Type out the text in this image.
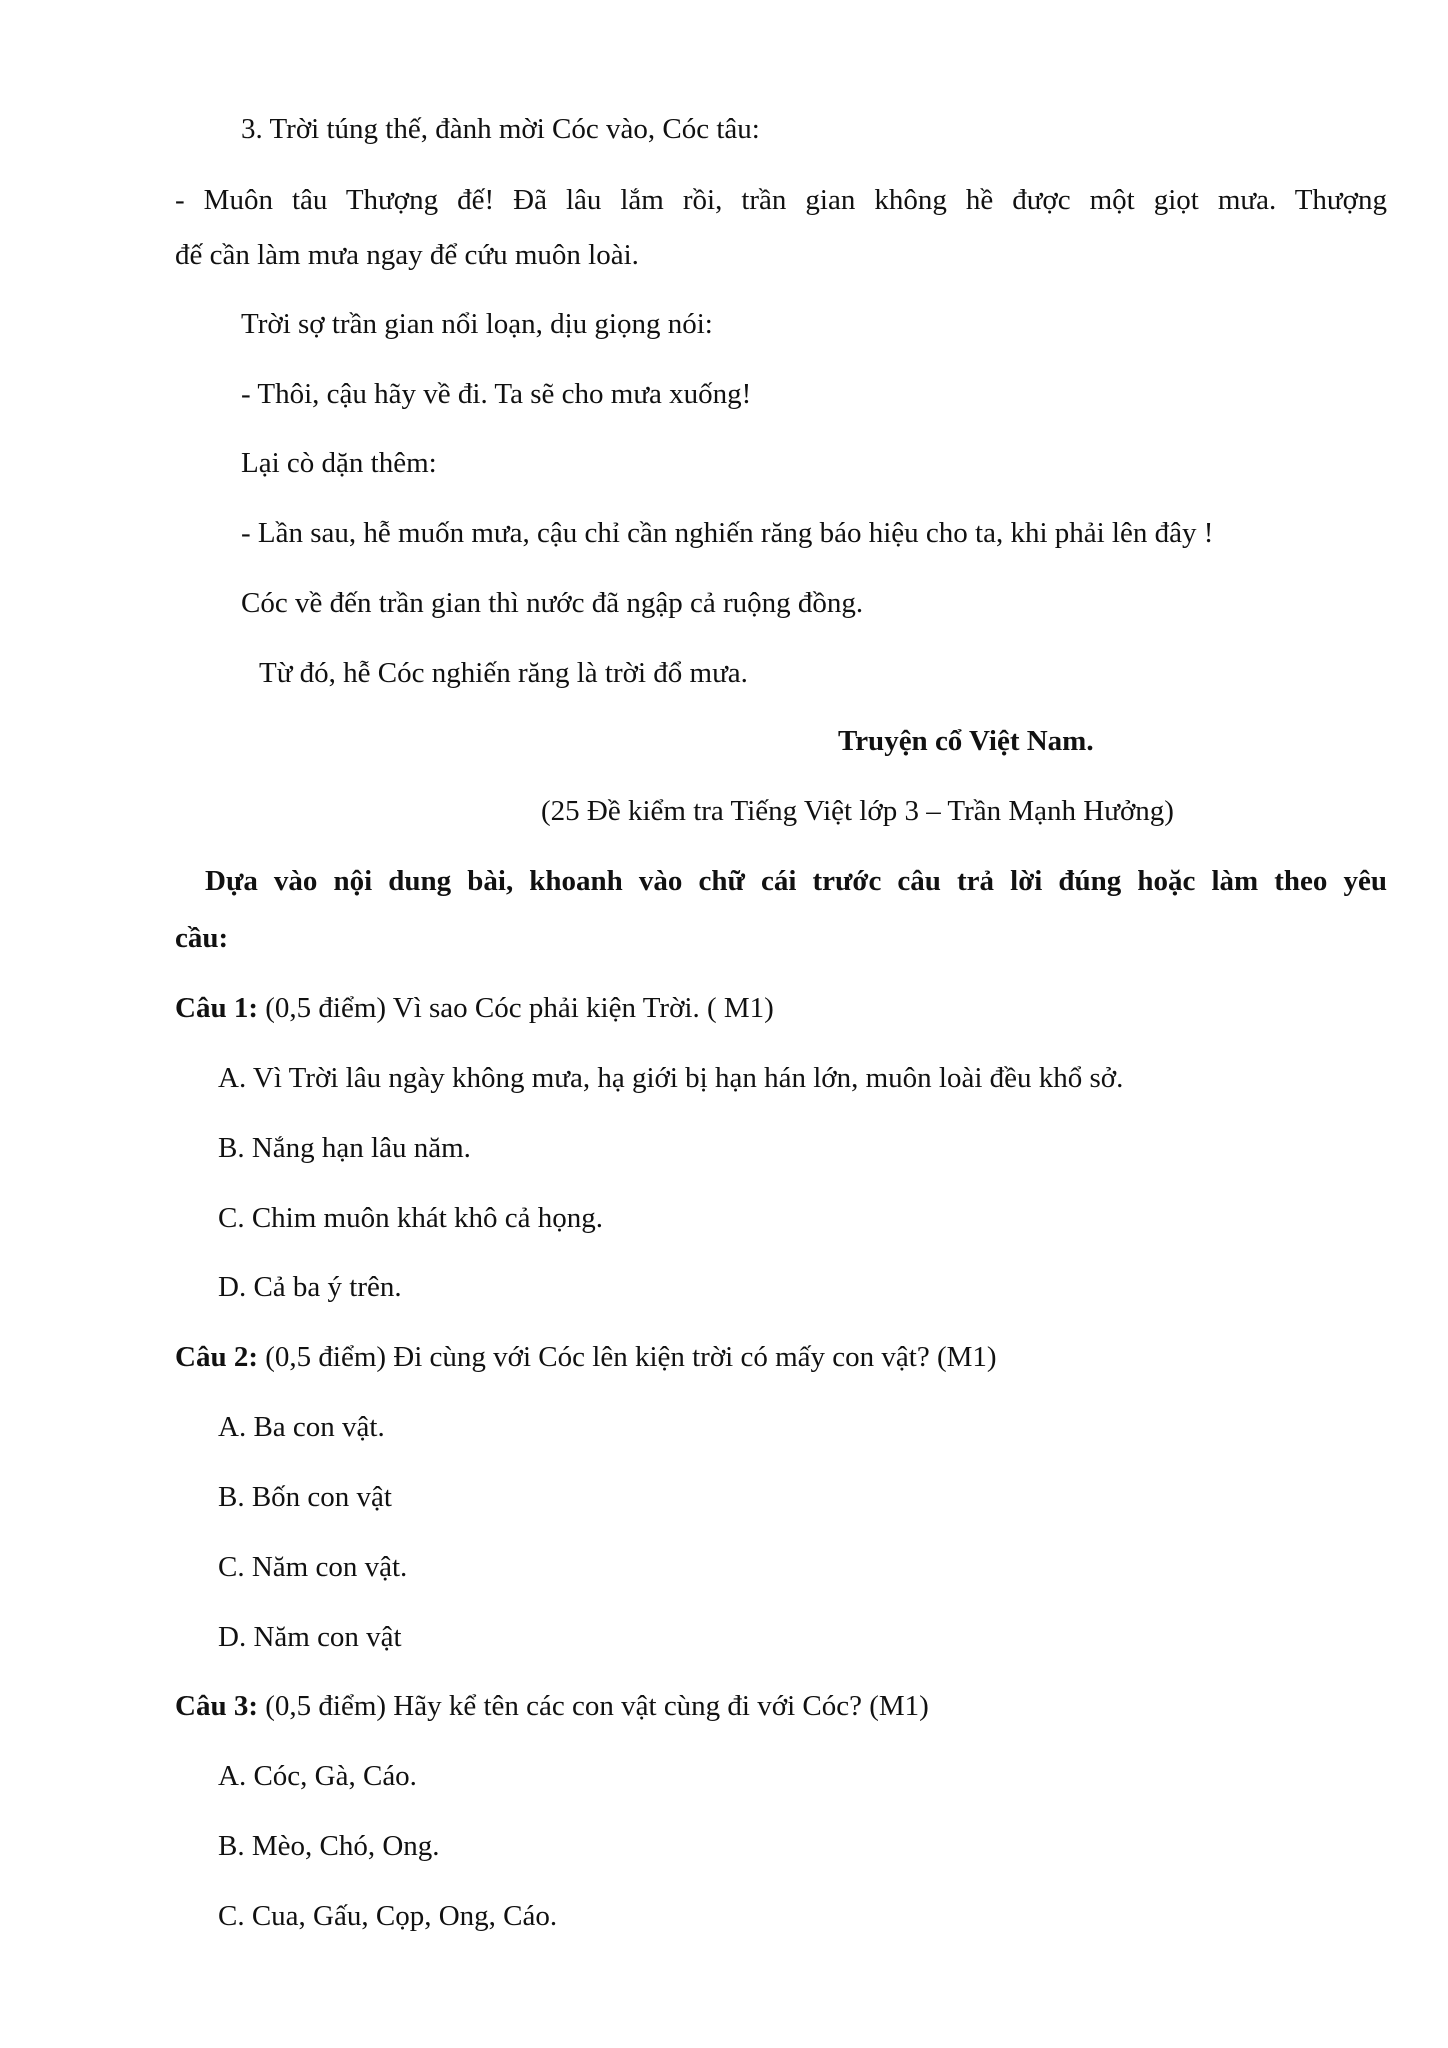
3. Trời túng thế, đành mời Cóc vào, Cóc tâu:
- Muôn tâu Thượng đế! Đã lâu lắm rồi, trần gian không hề được một giọt mưa. Thượng
đế cần làm mưa ngay để cứu muôn loài.
Trời sợ trần gian nổi loạn, dịu giọng nói:
- Thôi, cậu hãy về đi. Ta sẽ cho mưa xuống!
Lại cò dặn thêm:
- Lần sau, hễ muốn mưa, cậu chỉ cần nghiến răng báo hiệu cho ta, khi phải lên đây !
Cóc về đến trần gian thì nước đã ngập cả ruộng đồng.
Từ đó, hễ Cóc nghiến răng là trời đổ mưa.
Truyện cổ Việt Nam.
(25 Đề kiểm tra Tiếng Việt lớp 3 – Trần Mạnh Hưởng)
Dựa vào nội dung bài, khoanh vào chữ cái trước câu trả lời đúng hoặc làm theo yêu
cầu:
Câu 1: (0,5 điểm) Vì sao Cóc phải kiện Trời. ( M1)
A. Vì Trời lâu ngày không mưa, hạ giới bị hạn hán lớn, muôn loài đều khổ sở.
B. Nắng hạn lâu năm.
C. Chim muôn khát khô cả họng.
D. Cả ba ý trên.
Câu 2: (0,5 điểm) Đi cùng với Cóc lên kiện trời có mấy con vật? (M1)
A. Ba con vật.
B. Bốn con vật
C. Năm con vật.
D. Năm con vật
Câu 3: (0,5 điểm) Hãy kể tên các con vật cùng đi với Cóc? (M1)
A. Cóc, Gà, Cáo.
B. Mèo, Chó, Ong.
C. Cua, Gấu, Cọp, Ong, Cáo.
